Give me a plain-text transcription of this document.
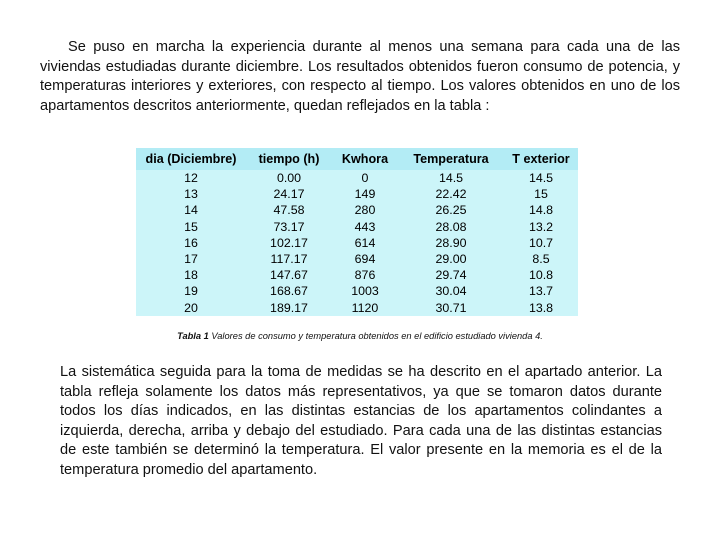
Se puso en marcha la experiencia durante al menos una semana para cada una de las viviendas estudiadas durante diciembre. Los resultados obtenidos fueron consumo de potencia, y temperaturas interiores y exteriores, con respecto al tiempo. Los valores obtenidos en uno de los apartamentos descritos anteriormente, quedan reflejados en la tabla :

dia (Diciembre)	tiempo (h)	Kwhora	Temperatura	T exterior
12	0.00	0	14.5	14.5
13	24.17	149	22.42	15
14	47.58	280	26.25	14.8
15	73.17	443	28.08	13.2
16	102.17	614	28.90	10.7
17	117.17	694	29.00	8.5
18	147.67	876	29.74	10.8
19	168.67	1003	30.04	13.7
20	189.17	1120	30.71	13.8

Tabla 1 Valores de consumo y temperatura obtenidos en el edificio estudiado vivienda 4.

La sistemática seguida para la toma de medidas se ha descrito en el apartado anterior. La tabla refleja solamente los datos más representativos, ya que se tomaron datos durante todos los días indicados, en las distintas estancias de los apartamentos colindantes a izquierda, derecha, arriba y debajo del estudiado. Para cada una de las distintas estancias de este también se determinó la temperatura. El valor presente en la memoria es el de la temperatura promedio del apartamento.
